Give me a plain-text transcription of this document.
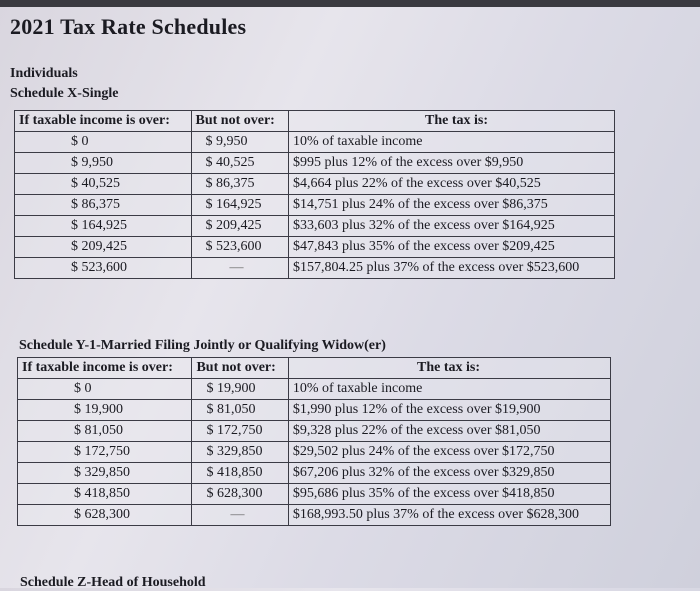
2021 Tax Rate Schedules
Individuals
Schedule X-Single
If taxable income is over:	But not over:	The tax is:
$ 0	$ 9,950	10% of taxable income
$ 9,950	$ 40,525	$995 plus 12% of the excess over $9,950
$ 40,525	$ 86,375	$4,664 plus 22% of the excess over $40,525
$ 86,375	$ 164,925	$14,751 plus 24% of the excess over $86,375
$ 164,925	$ 209,425	$33,603 plus 32% of the excess over $164,925
$ 209,425	$ 523,600	$47,843 plus 35% of the excess over $209,425
$ 523,600	—	$157,804.25 plus 37% of the excess over $523,600
Schedule Y-1-Married Filing Jointly or Qualifying Widow(er)
If taxable income is over:	But not over:	The tax is:
$ 0	$ 19,900	10% of taxable income
$ 19,900	$ 81,050	$1,990 plus 12% of the excess over $19,900
$ 81,050	$ 172,750	$9,328 plus 22% of the excess over $81,050
$ 172,750	$ 329,850	$29,502 plus 24% of the excess over $172,750
$ 329,850	$ 418,850	$67,206 plus 32% of the excess over $329,850
$ 418,850	$ 628,300	$95,686 plus 35% of the excess over $418,850
$ 628,300	—	$168,993.50 plus 37% of the excess over $628,300
Schedule Z-Head of Household
